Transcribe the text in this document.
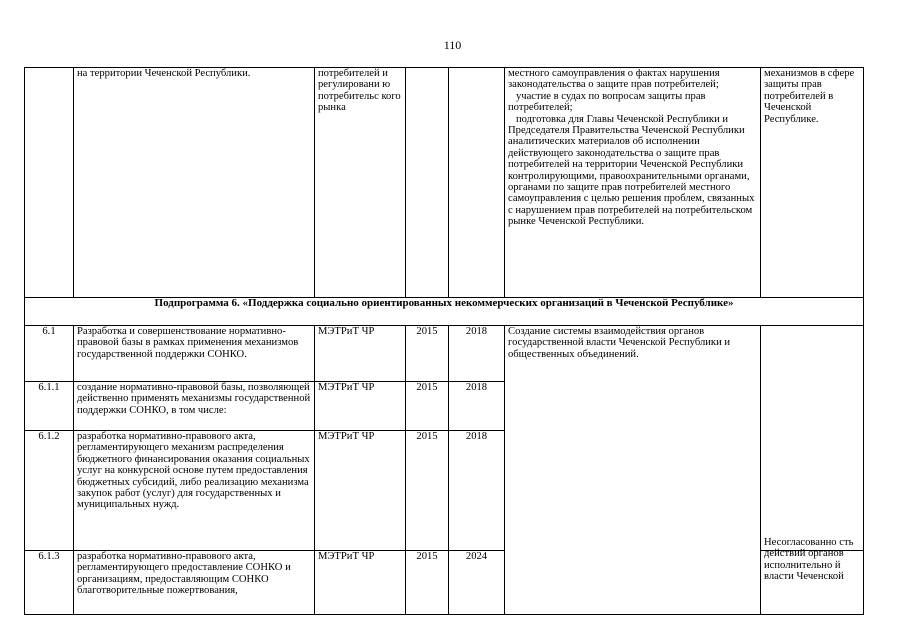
110
	на территории Чеченской Республики.	потребителей и регулировани ю потребительс кого рынка			местного самоуправления о фактах нарушения законодательства о защите прав потребителей;
участие в судах по вопросам защиты прав потребителей;
подготовка для Главы Чеченской Республики и Председателя Правительства Чеченской Республики аналитических материалов об исполнении действующего законодательства о защите прав потребителей на территории Чеченской Республики контролирующими, правоохранительными органами, органами по защите прав потребителей местного самоуправления с целью решения проблем, связанных с нарушением прав потребителей на потребительском рынке Чеченской Республики.	механизмов в сфере защиты прав потребителей в Чеченской Республике.
Подпрограмма 6. «Поддержка социально ориентированных некоммерческих организаций в Чеченской Республике»						
6.1	Разработка и совершенствование нормативно-правовой базы в рамках применения механизмов государственной поддержки СОНКО.	МЭТРиТ ЧР	2015	2018	Создание системы взаимодействия органов государственной власти Чеченской Республики и общественных объединений.	
6.1.1	создание нормативно-правовой базы, позволяющей действенно применять механизмы государственной поддержки СОНКО, в том числе:	МЭТРиТ ЧР	2015	2018		
6.1.2	разработка нормативно-правового акта, регламентирующего механизм распределения бюджетного финансирования оказания социальных услуг на конкурсной основе путем предоставления бюджетных субсидий, либо реализацию механизма закупок работ (услуг) для государственных и муниципальных нужд.	МЭТРиТ ЧР	2015	2018		
6.1.3	разработка нормативно-правового акта, регламентирующего предоставление СОНКО и организациям, предоставляющим СОНКО благотворительные пожертвования,	МЭТРиТ ЧР	2015	2024		Несогласованно сть действий органов исполнительно й власти Чеченской
